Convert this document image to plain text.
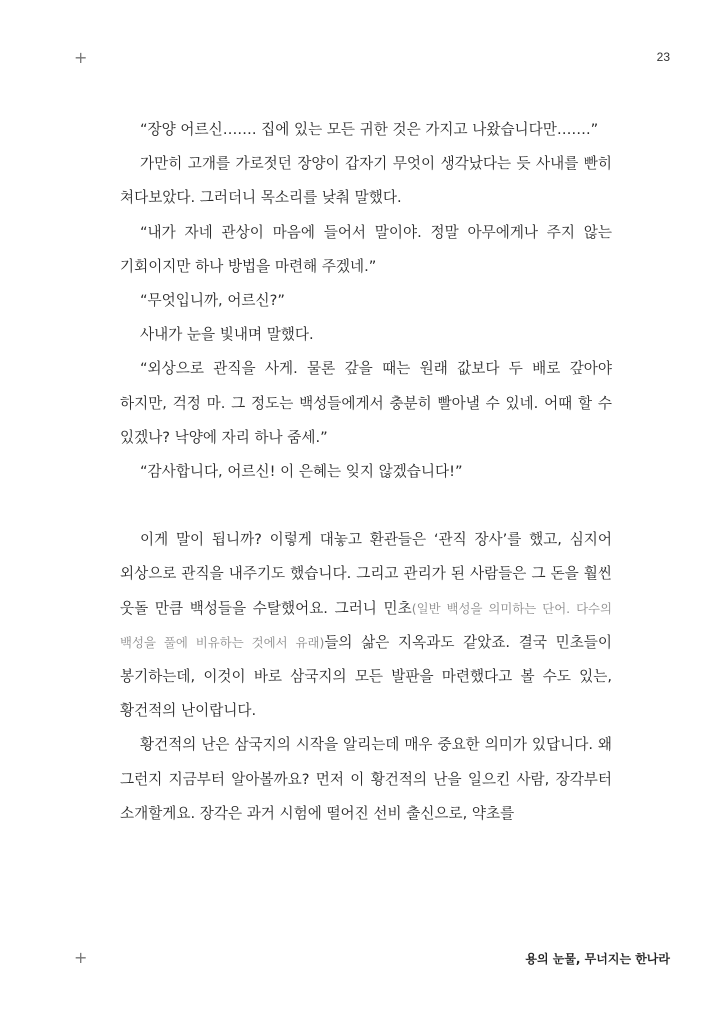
+	23

“장양 어르신……. 집에 있는 모든 귀한 것은 가지고 나왔습니다만…….”

가만히 고개를 가로젓던 장양이 갑자기 무엇이 생각났다는 듯 사내를 빤히 쳐다보았다. 그러더니 목소리를 낮춰 말했다.

“내가 자네 관상이 마음에 들어서 말이야. 정말 아무에게나 주지 않는 기회이지만 하나 방법을 마련해 주겠네.”

“무엇입니까, 어르신?”

사내가 눈을 빛내며 말했다.

“외상으로 관직을 사게. 물론 갚을 때는 원래 값보다 두 배로 갚아야 하지만, 걱정 마. 그 정도는 백성들에게서 충분히 빨아낼 수 있네. 어때 할 수 있겠나? 낙양에 자리 하나 줌세.”

“감사합니다, 어르신! 이 은혜는 잊지 않겠습니다!”

이게 말이 됩니까? 이렇게 대놓고 환관들은 ‘관직 장사’를 했고, 심지어 외상으로 관직을 내주기도 했습니다. 그리고 관리가 된 사람들은 그 돈을 훨씬 웃돌 만큼 백성들을 수탈했어요. 그러니 민초(일반 백성을 의미하는 단어. 다수의 백성을 풀에 비유하는 것에서 유래)들의 삶은 지옥과도 같았죠. 결국 민초들이 봉기하는데, 이것이 바로 삼국지의 모든 발판을 마련했다고 볼 수도 있는, 황건적의 난이랍니다.

황건적의 난은 삼국지의 시작을 알리는데 매우 중요한 의미가 있답니다. 왜 그런지 지금부터 알아볼까요? 먼저 이 황건적의 난을 일으킨 사람, 장각부터 소개할게요. 장각은 과거 시험에 떨어진 선비 출신으로, 약초를

+	용의 눈물, 무너지는 한나라
